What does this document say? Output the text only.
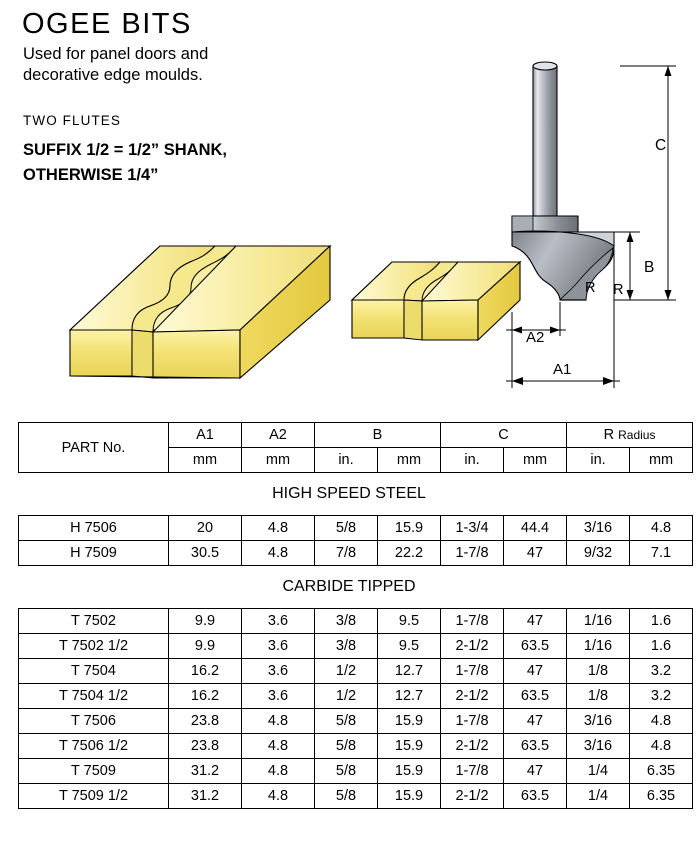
OGEE BITS
Used for panel doors and decorative edge moulds.
TWO FLUTES
SUFFIX 1/2 = 1/2” SHANK,
OTHERWISE 1/4”
R
C
B
R
A2
A1
PART No.	A1	A2	B		C		R Radius	
	mm	mm	in.	mm	in.	mm	in.	mm
HIGH SPEED STEEL
H 7506	20	4.8	5/8	15.9	1-3/4	44.4	3/16	4.8
H 7509	30.5	4.8	7/8	22.2	1-7/8	47	9/32	7.1
CARBIDE TIPPED
T 7502	9.9	3.6	3/8	9.5	1-7/8	47	1/16	1.6
T 7502 1/2	9.9	3.6	3/8	9.5	2-1/2	63.5	1/16	1.6
T 7504	16.2	3.6	1/2	12.7	1-7/8	47	1/8	3.2
T 7504 1/2	16.2	3.6	1/2	12.7	2-1/2	63.5	1/8	3.2
T 7506	23.8	4.8	5/8	15.9	1-7/8	47	3/16	4.8
T 7506 1/2	23.8	4.8	5/8	15.9	2-1/2	63.5	3/16	4.8
T 7509	31.2	4.8	5/8	15.9	1-7/8	47	1/4	6.35
T 7509 1/2	31.2	4.8	5/8	15.9	2-1/2	63.5	1/4	6.35
